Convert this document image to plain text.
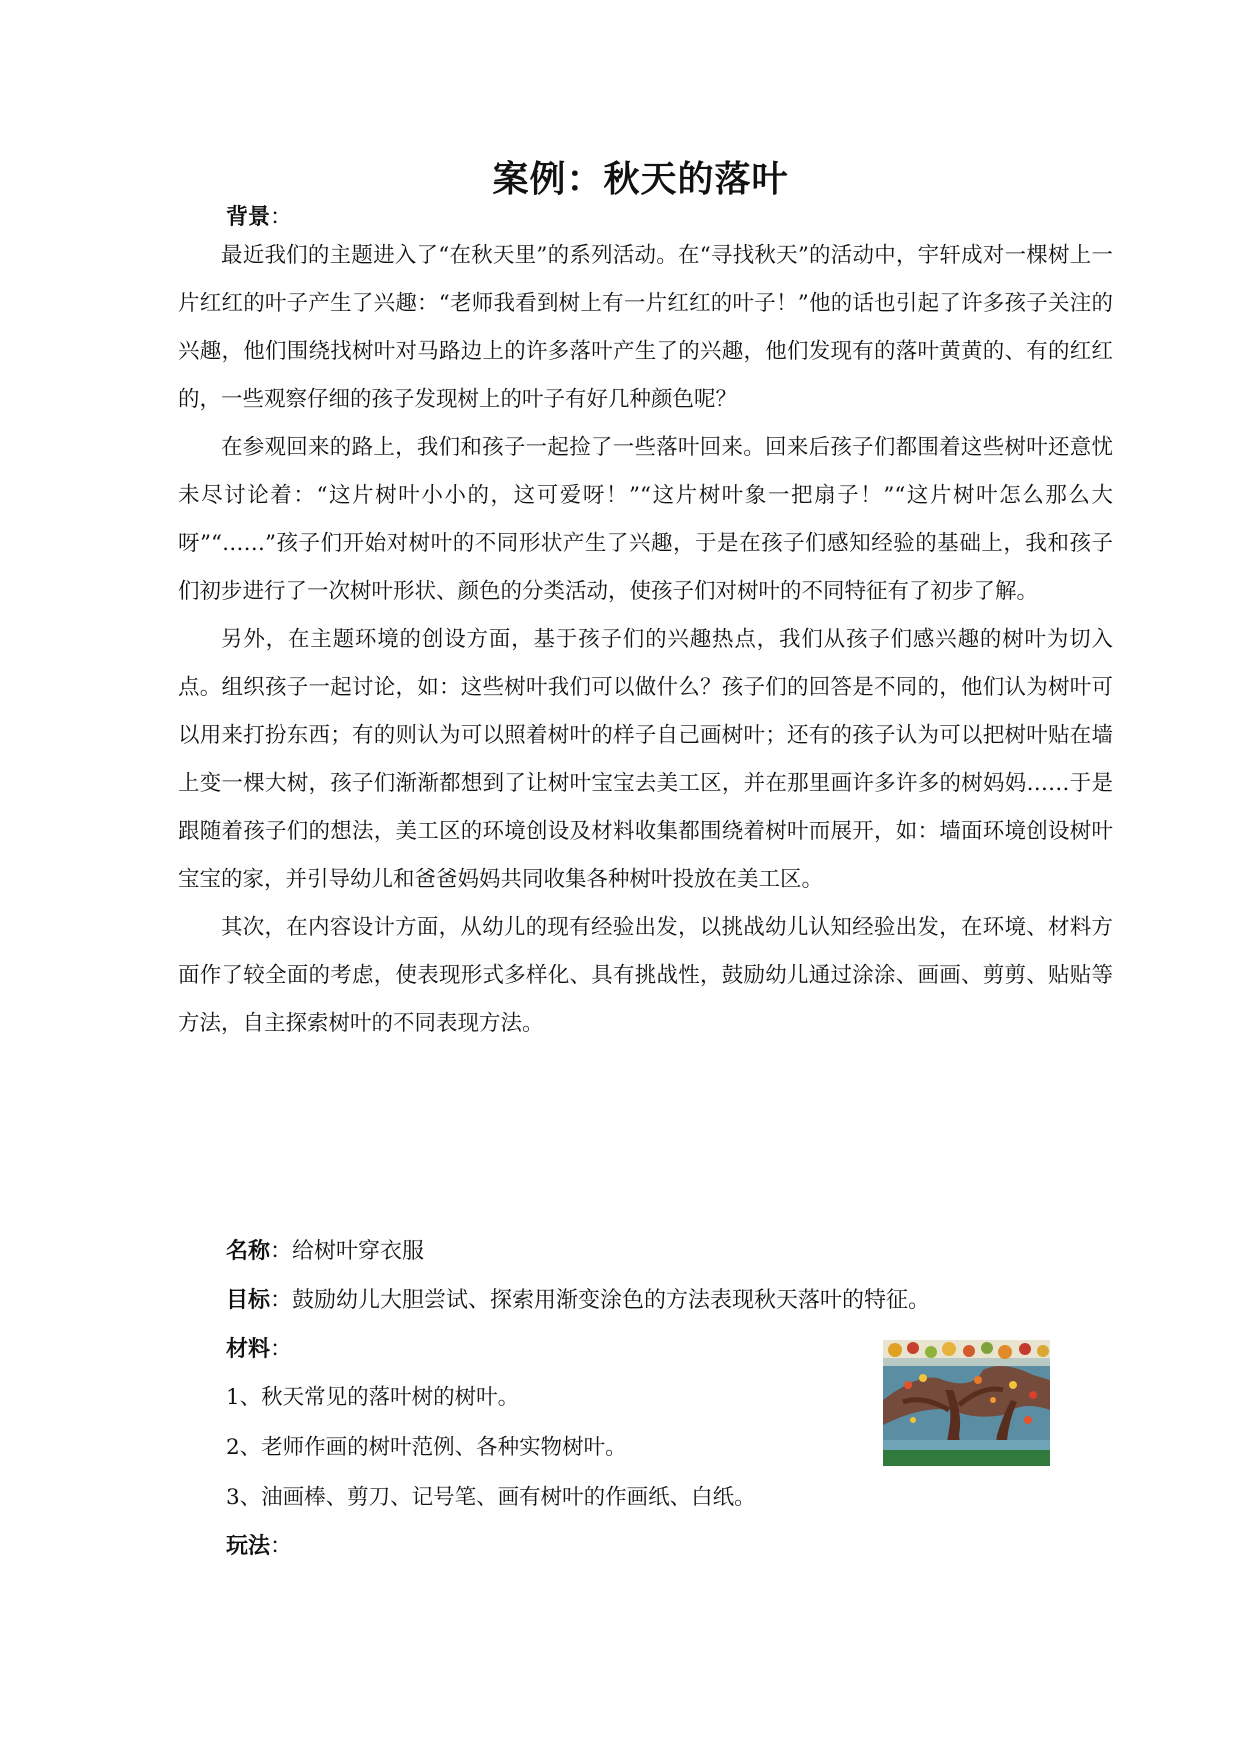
案例：秋天的落叶
背景：

最近我们的主题进入了“在秋天里”的系列活动。在“寻找秋天”的活动中，宇轩成对一棵树上一片红红的叶子产生了兴趣：“老师我看到树上有一片红红的叶子！”他的话也引起了许多孩子关注的兴趣，他们围绕找树叶对马路边上的许多落叶产生了的兴趣，他们发现有的落叶黄黄的、有的红红的，一些观察仔细的孩子发现树上的叶子有好几种颜色呢？

在参观回来的路上，我们和孩子一起捡了一些落叶回来。回来后孩子们都围着这些树叶还意忧未尽讨论着：“这片树叶小小的，这可爱呀！”“这片树叶象一把扇子！”“这片树叶怎么那么大呀”“……”孩子们开始对树叶的不同形状产生了兴趣，于是在孩子们感知经验的基础上，我和孩子们初步进行了一次树叶形状、颜色的分类活动，使孩子们对树叶的不同特征有了初步了解。

另外，在主题环境的创设方面，基于孩子们的兴趣热点，我们从孩子们感兴趣的树叶为切入点。组织孩子一起讨论，如：这些树叶我们可以做什么？孩子们的回答是不同的，他们认为树叶可以用来打扮东西；有的则认为可以照着树叶的样子自己画树叶；还有的孩子认为可以把树叶贴在墙上变一棵大树，孩子们渐渐都想到了让树叶宝宝去美工区，并在那里画许多许多的树妈妈……于是跟随着孩子们的想法，美工区的环境创设及材料收集都围绕着树叶而展开，如：墙面环境创设树叶宝宝的家，并引导幼儿和爸爸妈妈共同收集各种树叶投放在美工区。

其次，在内容设计方面，从幼儿的现有经验出发，以挑战幼儿认知经验出发，在环境、材料方面作了较全面的考虑，使表现形式多样化、具有挑战性，鼓励幼儿通过涂涂、画画、剪剪、贴贴等方法，自主探索树叶的不同表现方法。

名称：给树叶穿衣服
目标：鼓励幼儿大胆尝试、探索用渐变涂色的方法表现秋天落叶的特征。
材料：
1、秋天常见的落叶树的树叶。
2、老师作画的树叶范例、各种实物树叶。
3、油画棒、剪刀、记号笔、画有树叶的作画纸、白纸。
玩法：
